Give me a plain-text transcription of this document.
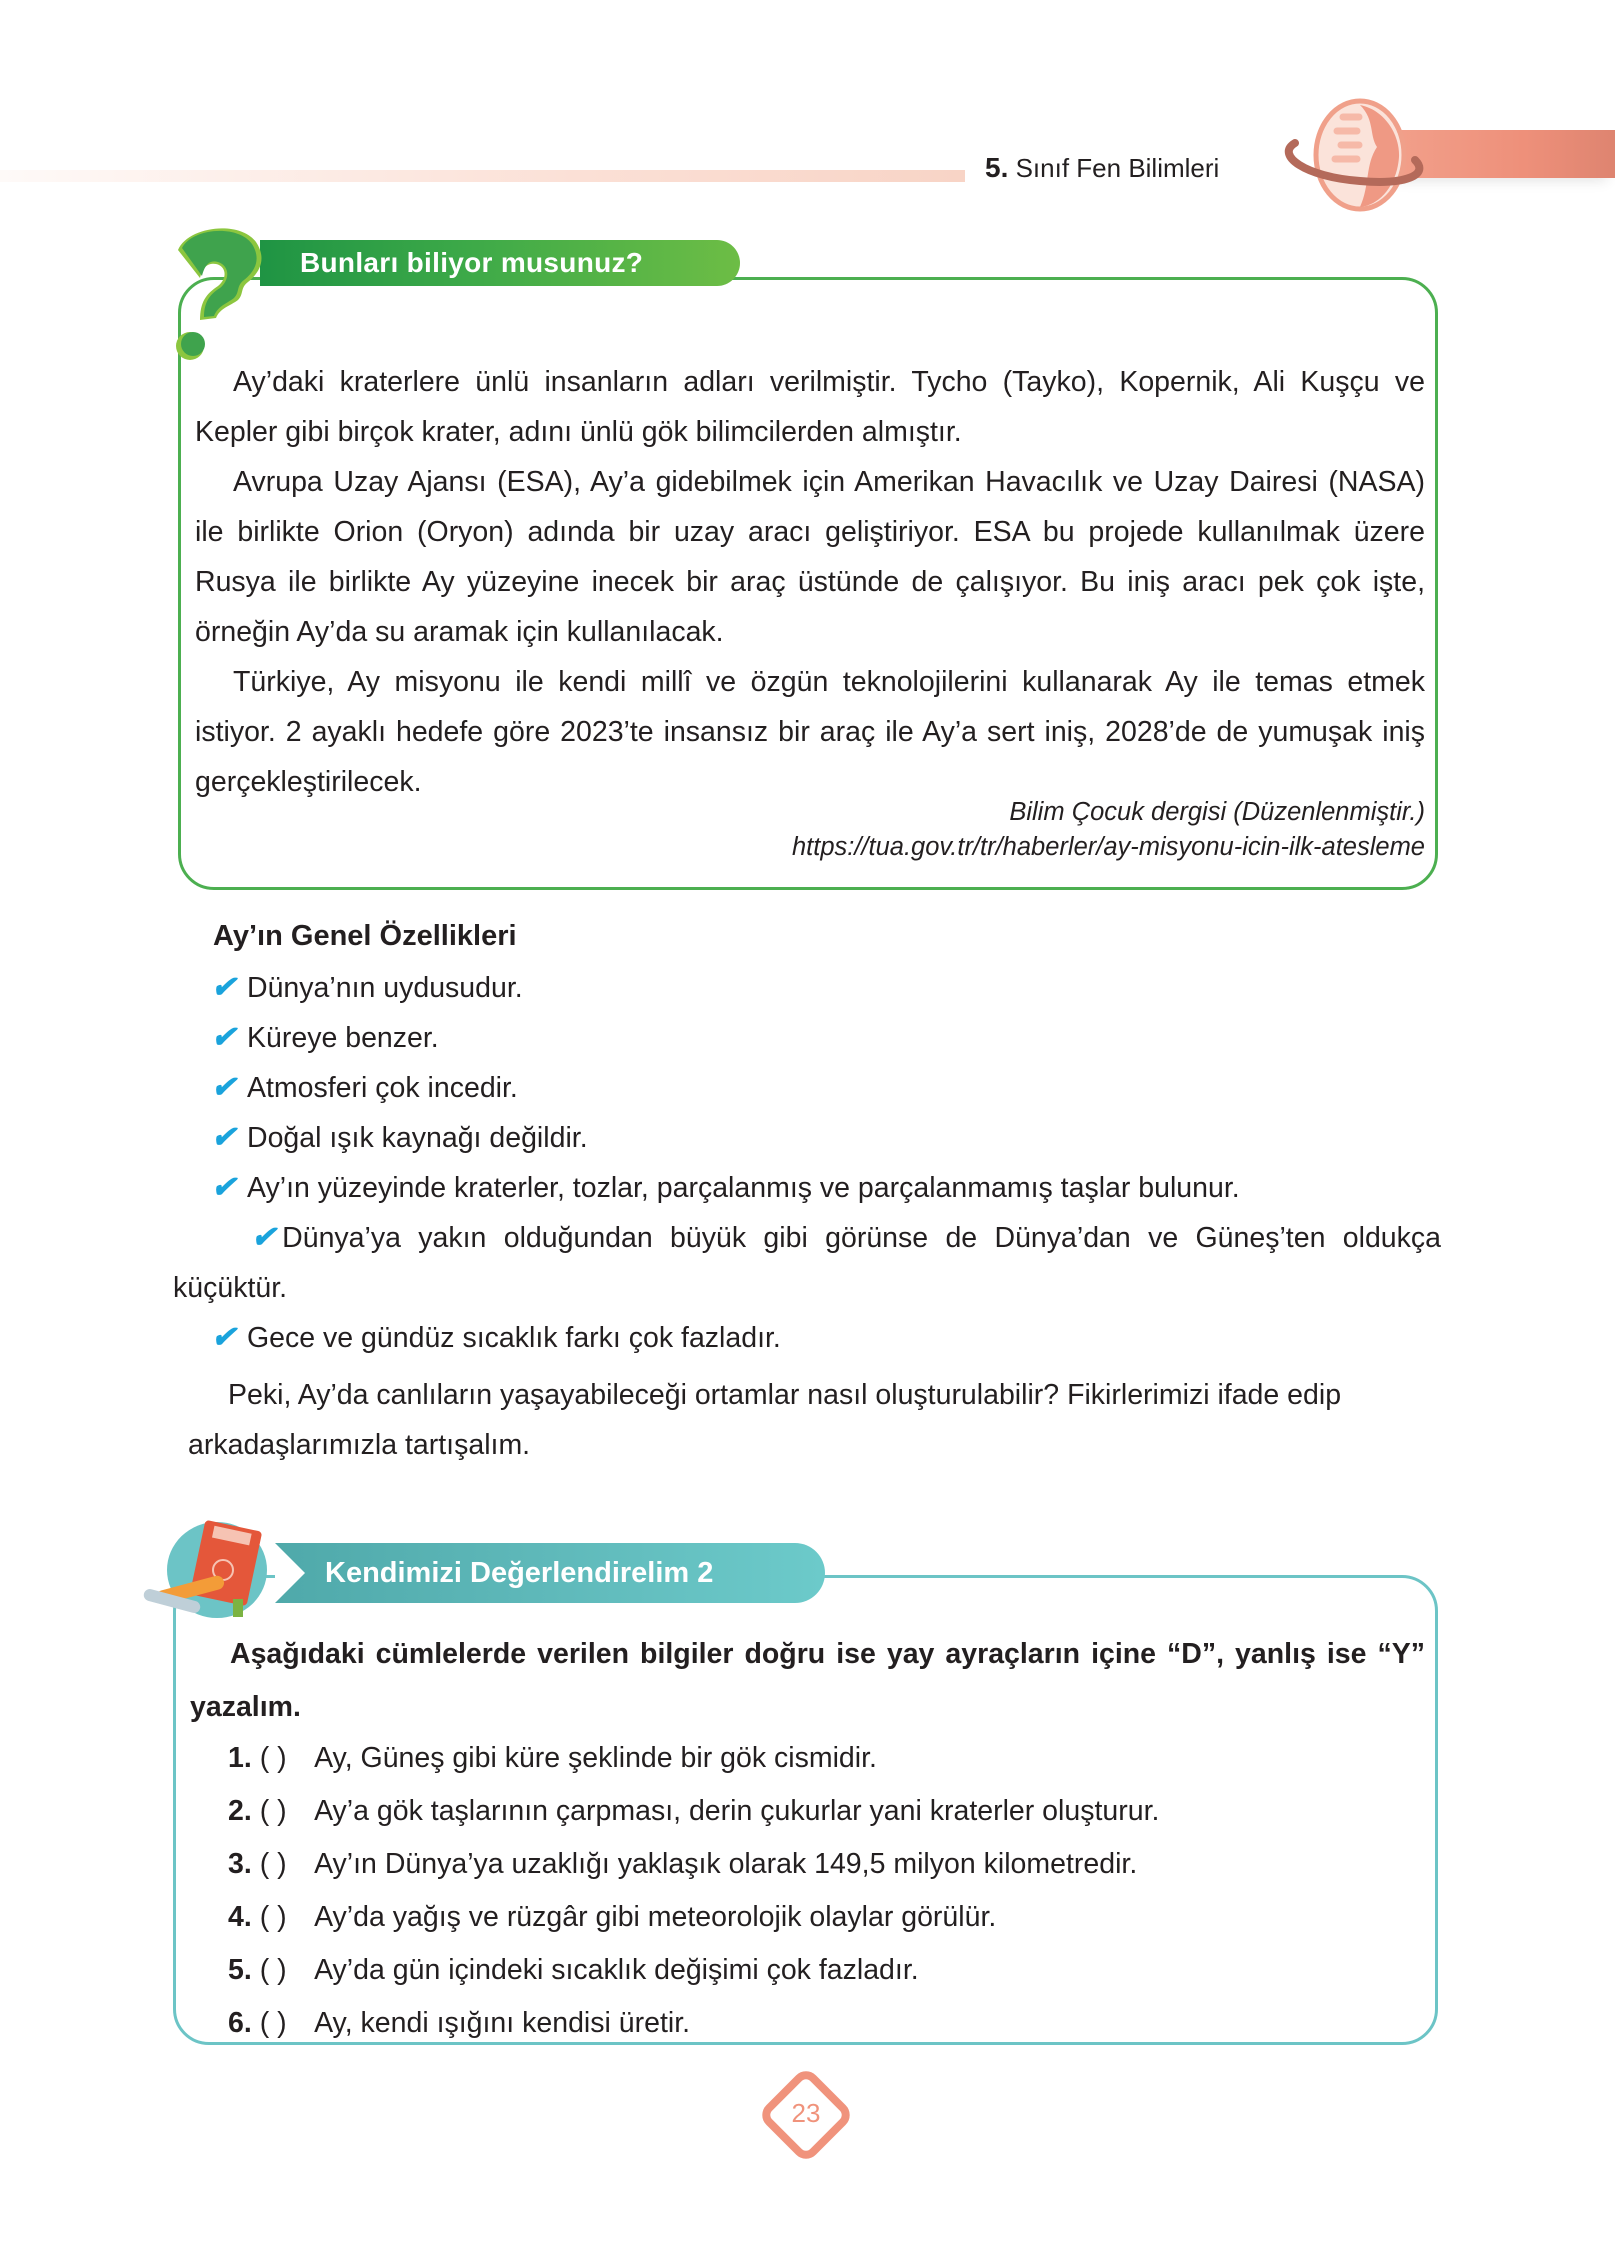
5. Sınıf Fen Bilimleri
Bunları biliyor musunuz?

Ay’daki kraterlere ünlü insanların adları verilmiştir. Tycho (Tayko), Kopernik, Ali Kuşçu ve Kepler gibi birçok krater, adını ünlü gök bilimcilerden almıştır.

Avrupa Uzay Ajansı (ESA), Ay’a gidebilmek için Amerikan Havacılık ve Uzay Dairesi (NASA) ile birlikte Orion (Oryon) adında bir uzay aracı geliştiriyor. ESA bu projede kullanılmak üzere Rusya ile birlikte Ay yüzeyine inecek bir araç üstünde de çalışıyor. Bu iniş aracı pek çok işte, örneğin Ay’da su aramak için kullanılacak.

Türkiye, Ay misyonu ile kendi millî ve özgün teknolojilerini kullanarak Ay ile temas etmek istiyor. 2 ayaklı hedefe göre 2023’te insansız bir araç ile Ay’a sert iniş, 2028’de de yumuşak iniş gerçekleştirilecek.

Bilim Çocuk dergisi (Düzenlenmiştir.)
https://tua.gov.tr/tr/haberler/ay-misyonu-icin-ilk-atesleme
Ay’ın Genel Özellikleri
✔ Dünya’nın uydusudur.
✔ Küreye benzer.
✔ Atmosferi çok incedir.
✔ Doğal ışık kaynağı değildir.
✔ Ay’ın yüzeyinde kraterler, tozlar, parçalanmış ve parçalanmamış taşlar bulunur.
✔ Dünya’ya yakın olduğundan büyük gibi görünse de Dünya’dan ve Güneş’ten oldukça küçüktür.
✔ Gece ve gündüz sıcaklık farkı çok fazladır.
Peki, Ay’da canlıların yaşayabileceği ortamlar nasıl oluşturulabilir? Fikirlerimizi ifade edip arkadaşlarımızla tartışalım.
Kendimizi Değerlendirelim 2
Aşağıdaki cümlelerde verilen bilgiler doğru ise yay ayraçların içine “D”, yanlış ise “Y” yazalım.
1. ( ) Ay, Güneş gibi küre şeklinde bir gök cismidir.
2. ( ) Ay’a gök taşlarının çarpması, derin çukurlar yani kraterler oluşturur.
3. ( ) Ay’ın Dünya’ya uzaklığı yaklaşık olarak 149,5 milyon kilometredir.
4. ( ) Ay’da yağış ve rüzgâr gibi meteorolojik olaylar görülür.
5. ( ) Ay’da gün içindeki sıcaklık değişimi çok fazladır.
6. ( ) Ay, kendi ışığını kendisi üretir.
23
